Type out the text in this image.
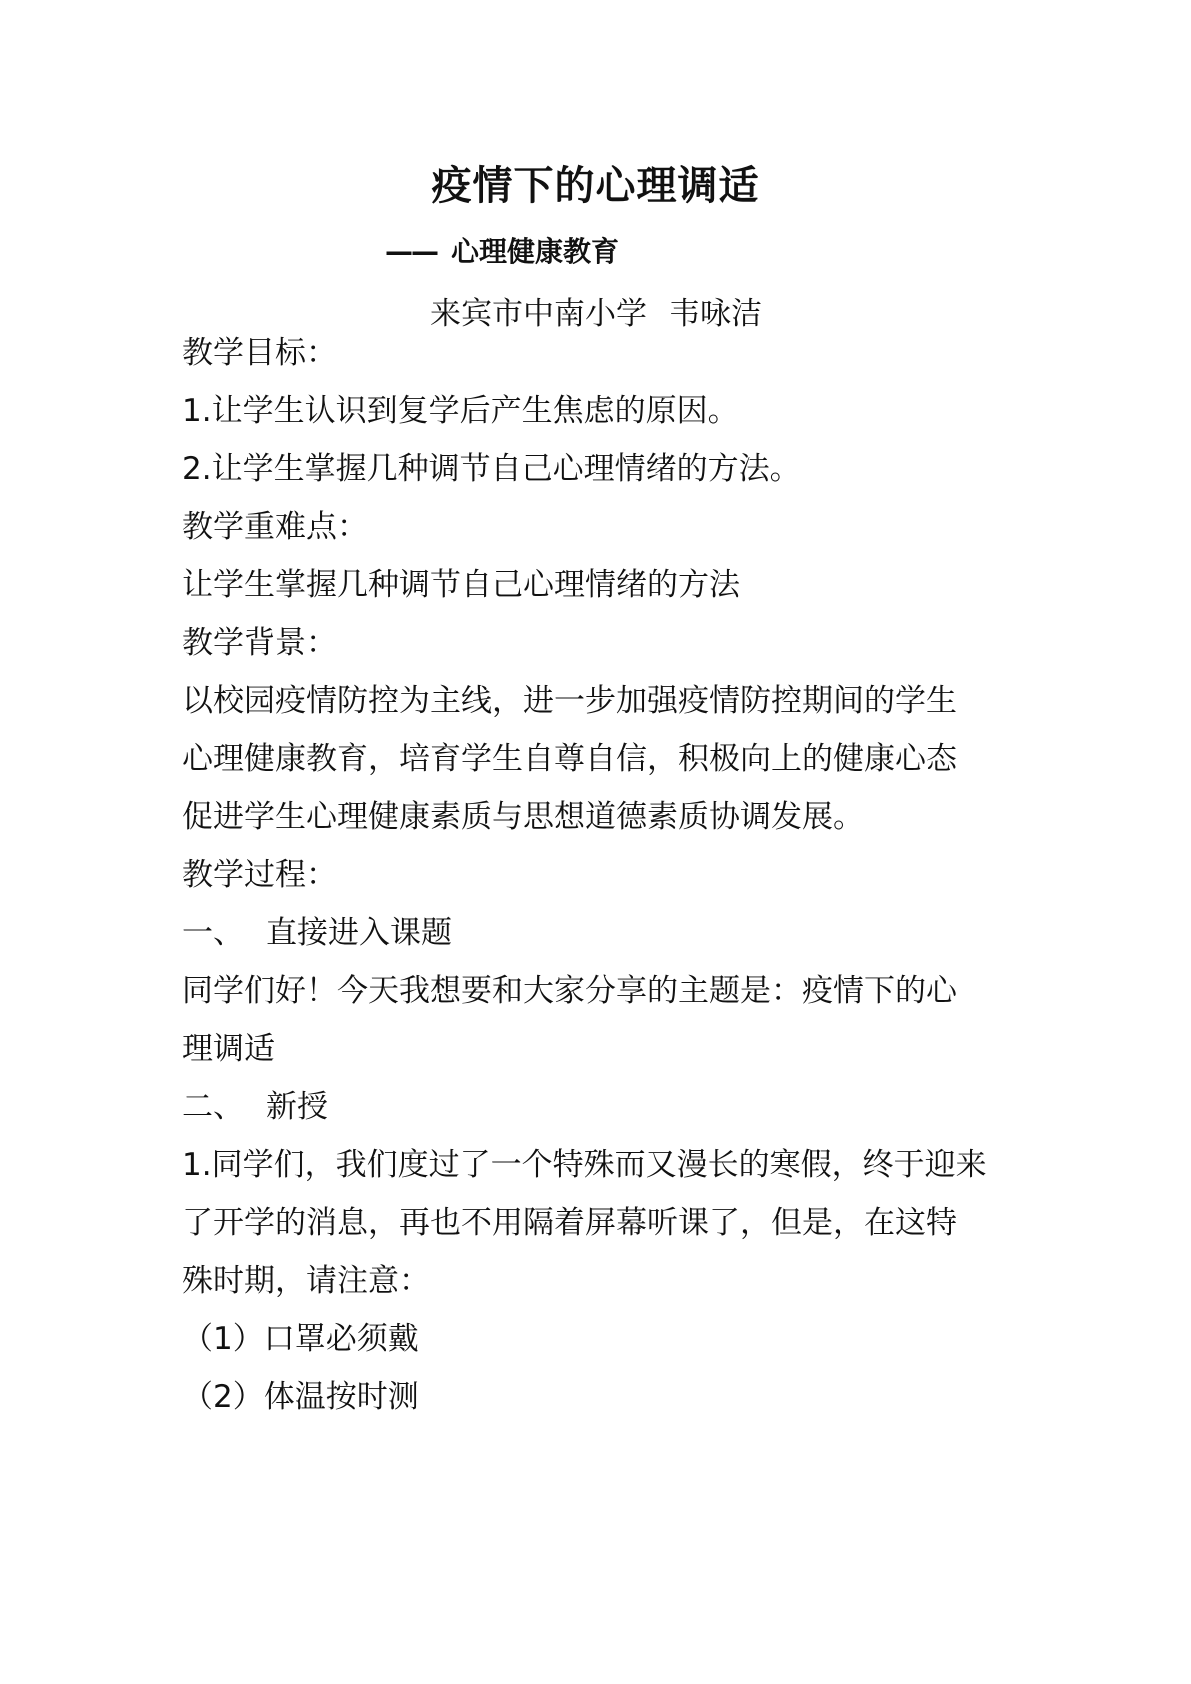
疫情下的心理调适
—— 心理健康教育
来宾市中南小学 韦咏洁
教学目标：
1.让学生认识到复学后产生焦虑的原因。
2.让学生掌握几种调节自己心理情绪的方法。
教学重难点：
让学生掌握几种调节自己心理情绪的方法
教学背景：
以校园疫情防控为主线，进一步加强疫情防控期间的学生
心理健康教育，培育学生自尊自信，积极向上的健康心态
促进学生心理健康素质与思想道德素质协调发展。
教学过程：
一、 直接进入课题
同学们好！今天我想要和大家分享的主题是：疫情下的心
理调适
二、 新授
1.同学们，我们度过了一个特殊而又漫长的寒假，终于迎来
了开学的消息，再也不用隔着屏幕听课了，但是，在这特
殊时期，请注意：
（1）口罩必须戴
（2）体温按时测
